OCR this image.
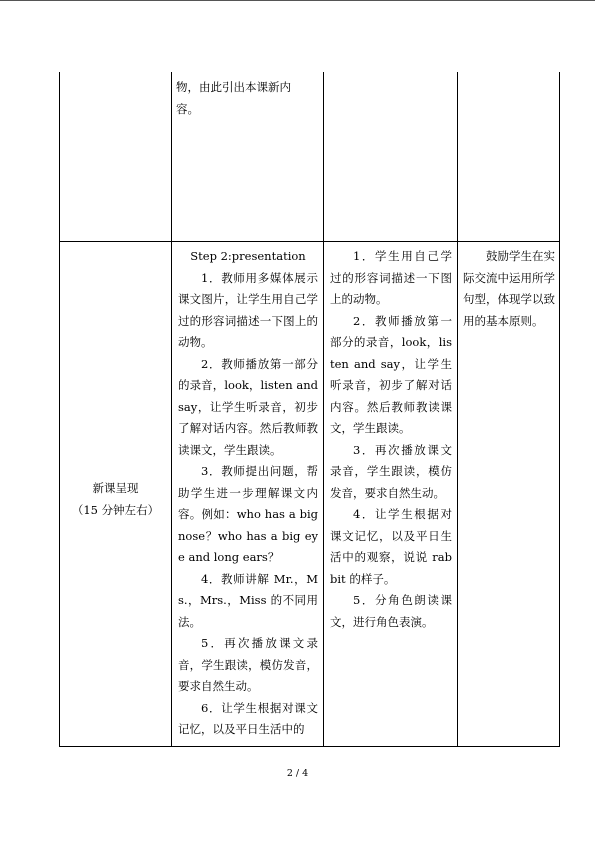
物，由此引出本课新内

容。

新课呈现

（15 分钟左右）

Step 2:presentation

1．教师用多媒体展示课文图片，让学生用自己学过的形容词描述一下图上的动物。

2．教师播放第一部分的录音，look，listen and say，让学生听录音，初步了解对话内容。然后教师教读课文，学生跟读。

3．教师提出问题，帮助学生进一步理解课文内容。例如：who has a big nose？who has a big eye and long ears？

4．教师讲解 Mr.，Ms.，Mrs.，Miss 的不同用法。

5．再次播放课文录音，学生跟读，模仿发音，要求自然生动。

6．让学生根据对课文记忆，以及平日生活中的

1．学生用自己学过的形容词描述一下图上的动物。

2．教师播放第一部分的录音，look，listen and say，让学生听录音，初步了解对话内容。然后教师教读课文，学生跟读。

3．再次播放课文录音，学生跟读，模仿发音，要求自然生动。

4．让学生根据对课文记忆，以及平日生活中的观察，说说 rabbit 的样子。

5．分角色朗读课文，进行角色表演。

鼓励学生在实际交流中运用所学句型，体现学以致用的基本原则。

2 / 4
